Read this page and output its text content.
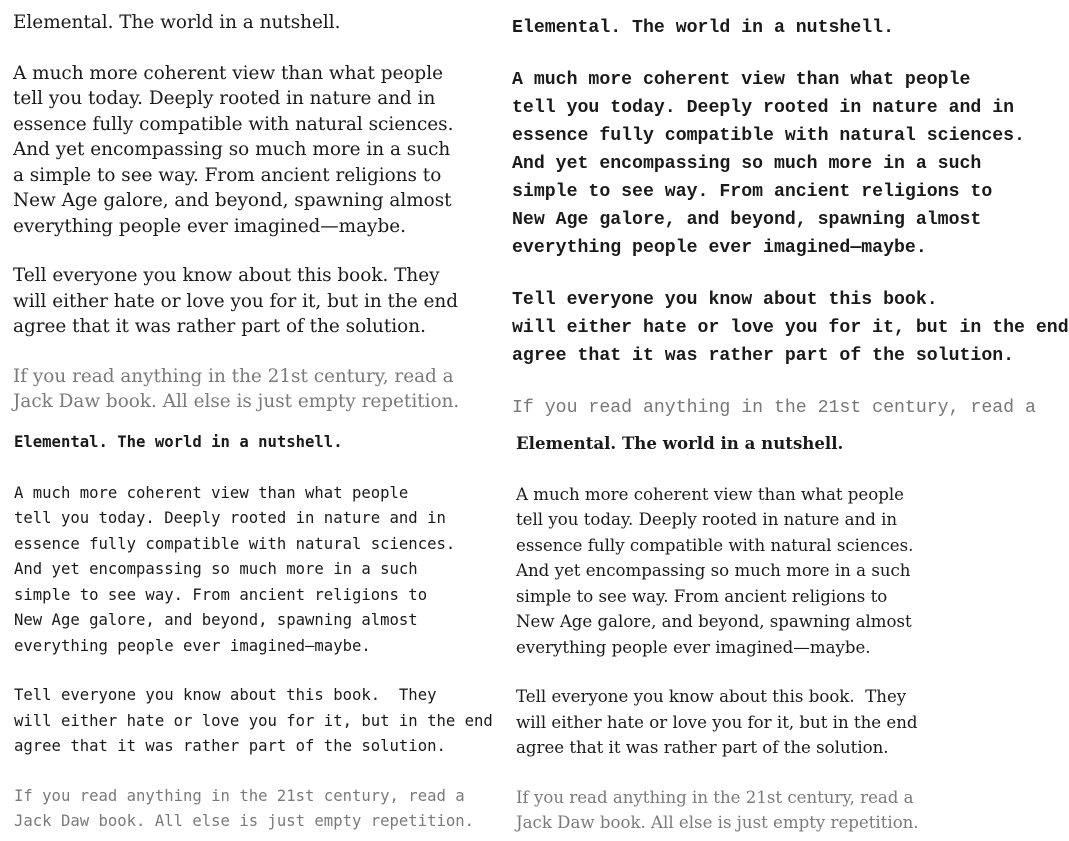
Elemental. The world in a nutshell.

A much more coherent view than what people

tell you today. Deeply rooted in nature and in

essence fully compatible with natural sciences.

And yet encompassing so much more in a such

a simple to see way. From ancient religions to

New Age galore, and beyond, spawning almost

everything people ever imagined—maybe.

Tell everyone you know about this book. They

will either hate or love you for it, but in the end

agree that it was rather part of the solution.

If you read anything in the 21st century, read a

Jack Daw book. All else is just empty repetition.

Elemental. The world in a nutshell.

A much more coherent view than what people

tell you today. Deeply rooted in nature and in

essence fully compatible with natural sciences.

And yet encompassing so much more in a such

simple to see way. From ancient religions to

New Age galore, and beyond, spawning almost

everything people ever imagined—maybe.

Tell everyone you know about this book.

will either hate or love you for it, but in the end

agree that it was rather part of the solution.

If you read anything in the 21st century, read a

Elemental. The world in a nutshell.

A much more coherent view than what people

tell you today. Deeply rooted in nature and in

essence fully compatible with natural sciences.

And yet encompassing so much more in a such

simple to see way. From ancient religions to

New Age galore, and beyond, spawning almost

everything people ever imagined—maybe.

Tell everyone you know about this book.  They

will either hate or love you for it, but in the end

agree that it was rather part of the solution.

If you read anything in the 21st century, read a

Jack Daw book. All else is just empty repetition.

Elemental. The world in a nutshell.

A much more coherent view than what people

tell you today. Deeply rooted in nature and in

essence fully compatible with natural sciences.

And yet encompassing so much more in a such

simple to see way. From ancient religions to

New Age galore, and beyond, spawning almost

everything people ever imagined—maybe.

Tell everyone you know about this book.  They

will either hate or love you for it, but in the end

agree that it was rather part of the solution.

If you read anything in the 21st century, read a

Jack Daw book. All else is just empty repetition.
